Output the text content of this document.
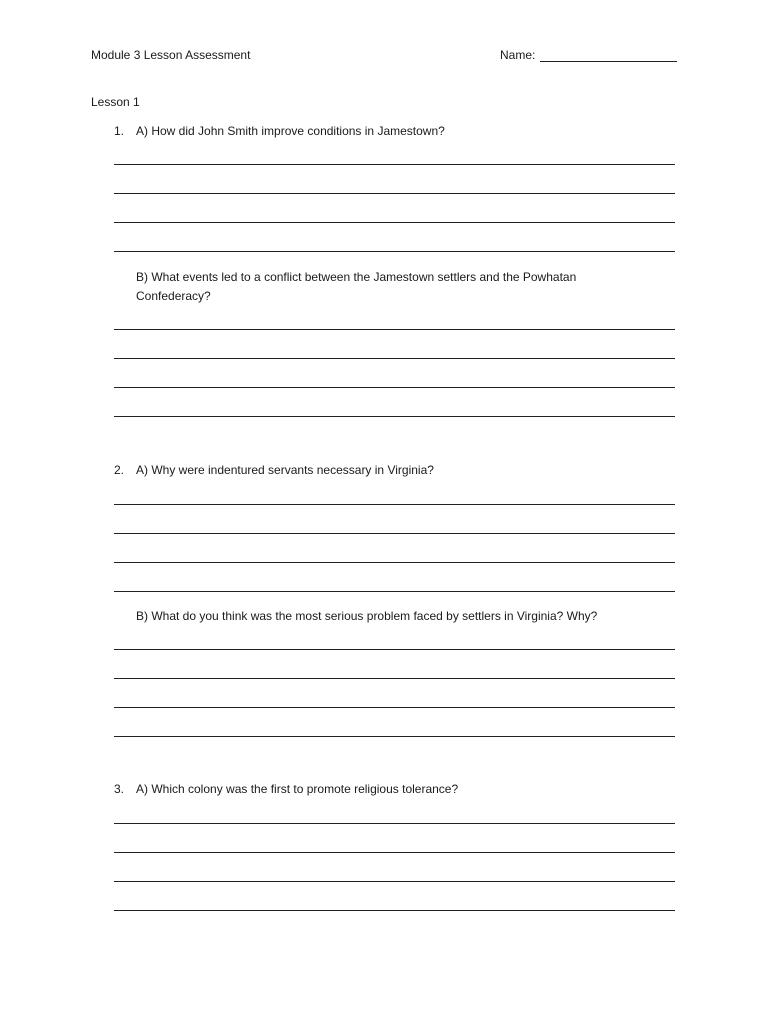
Module 3 Lesson Assessment	Name:
Lesson 1
1. A) How did John Smith improve conditions in Jamestown?
B) What events led to a conflict between the Jamestown settlers and the Powhatan Confederacy?
2. A) Why were indentured servants necessary in Virginia?
B) What do you think was the most serious problem faced by settlers in Virginia? Why?
3. A) Which colony was the first to promote religious tolerance?
